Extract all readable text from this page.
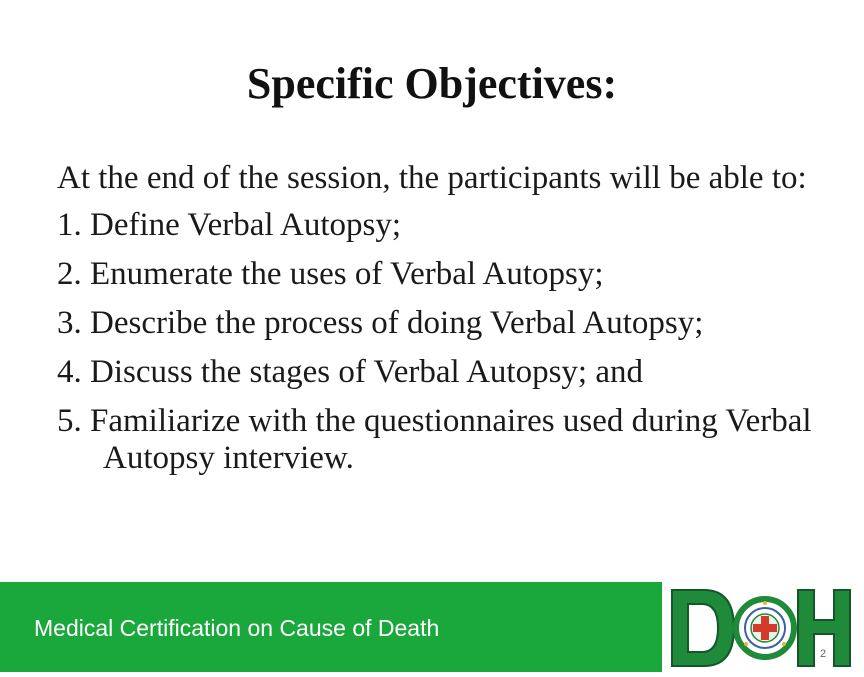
Specific Objectives:

At the end of the session, the participants will be able to:

1. Define Verbal Autopsy;
2. Enumerate the uses of Verbal Autopsy;
3. Describe the process of doing Verbal Autopsy;
4. Discuss the stages of Verbal Autopsy; and
5. Familiarize with the questionnaires used during Verbal Autopsy interview.
Medical Certification on Cause of Death
2
